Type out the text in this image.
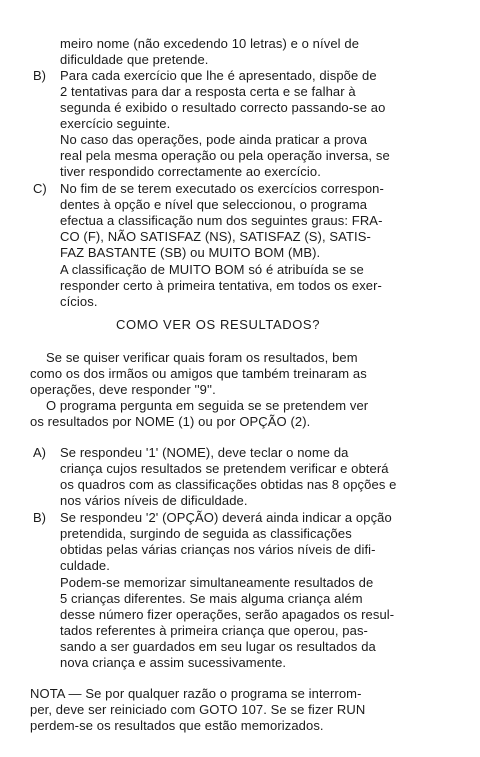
meiro nome (não excedendo 10 letras) e o nível de
dificuldade que pretende.
B) Para cada exercício que lhe é apresentado, dispõe de
2 tentativas para dar a resposta certa e se falhar à
segunda é exibido o resultado correcto passando-se ao
exercício seguinte.
No caso das operações, pode ainda praticar a prova
real pela mesma operação ou pela operação inversa, se
tiver respondido correctamente ao exercício.
C) No fim de se terem executado os exercícios correspon-
dentes à opção e nível que seleccionou, o programa
efectua a classificação num dos seguintes graus: FRA-
CO (F), NÃO SATISFAZ (NS), SATISFAZ (S), SATIS-
FAZ BASTANTE (SB) ou MUITO BOM (MB).
A classificação de MUITO BOM só é atribuída se se
responder certo à primeira tentativa, em todos os exer-
cícios.
COMO VER OS RESULTADOS?
Se se quiser verificar quais foram os resultados, bem
como os dos irmãos ou amigos que também treinaram as
operações, deve responder ''9''.
O programa pergunta em seguida se se pretendem ver
os resultados por NOME (1) ou por OPÇÃO (2).
A) Se respondeu '1' (NOME), deve teclar o nome da
criança cujos resultados se pretendem verificar e obterá
os quadros com as classificações obtidas nas 8 opções e
nos vários níveis de dificuldade.
B) Se respondeu '2' (OPÇÃO) deverá ainda indicar a opção
pretendida, surgindo de seguida as classificações
obtidas pelas várias crianças nos vários níveis de difi-
culdade.
Podem-se memorizar simultaneamente resultados de
5 crianças diferentes. Se mais alguma criança além
desse número fizer operações, serão apagados os resul-
tados referentes à primeira criança que operou, pas-
sando a ser guardados em seu lugar os resultados da
nova criança e assim sucessivamente.
NOTA — Se por qualquer razão o programa se interrom-
per, deve ser reiniciado com GOTO 107. Se se fizer RUN
perdem-se os resultados que estão memorizados.
